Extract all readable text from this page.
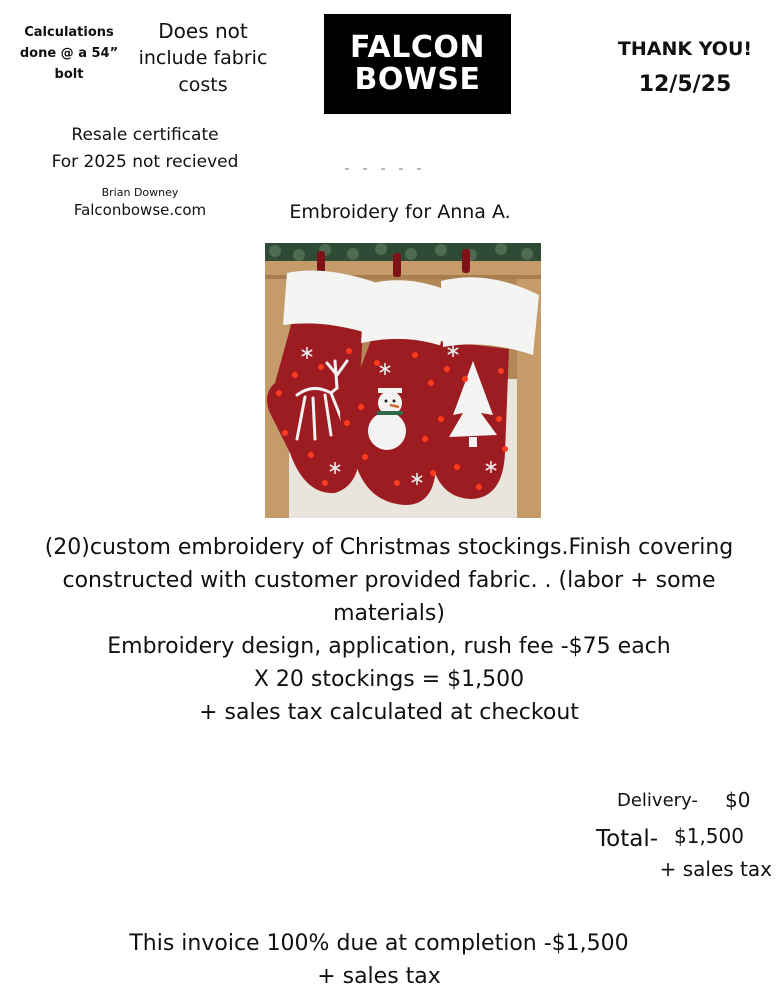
Calculations
done @ a 54”
bolt
Does not
include fabric
costs
FALCON
BOWSE
THANK YOU!
12/5/25
Resale certificate
For 2025 not recieved
Brian Downey
Falconbowse.com	Embroidery for Anna A.
(20)custom embroidery of Christmas stockings.Finish covering
constructed with customer provided fabric. . (labor + some
materials)
Embroidery design, application, rush fee -$75 each
X 20 stockings = $1,500
+ sales tax calculated at checkout
Delivery- $0
Total- $1,500
+ sales tax
This invoice 100% due at completion -$1,500
+ sales tax
